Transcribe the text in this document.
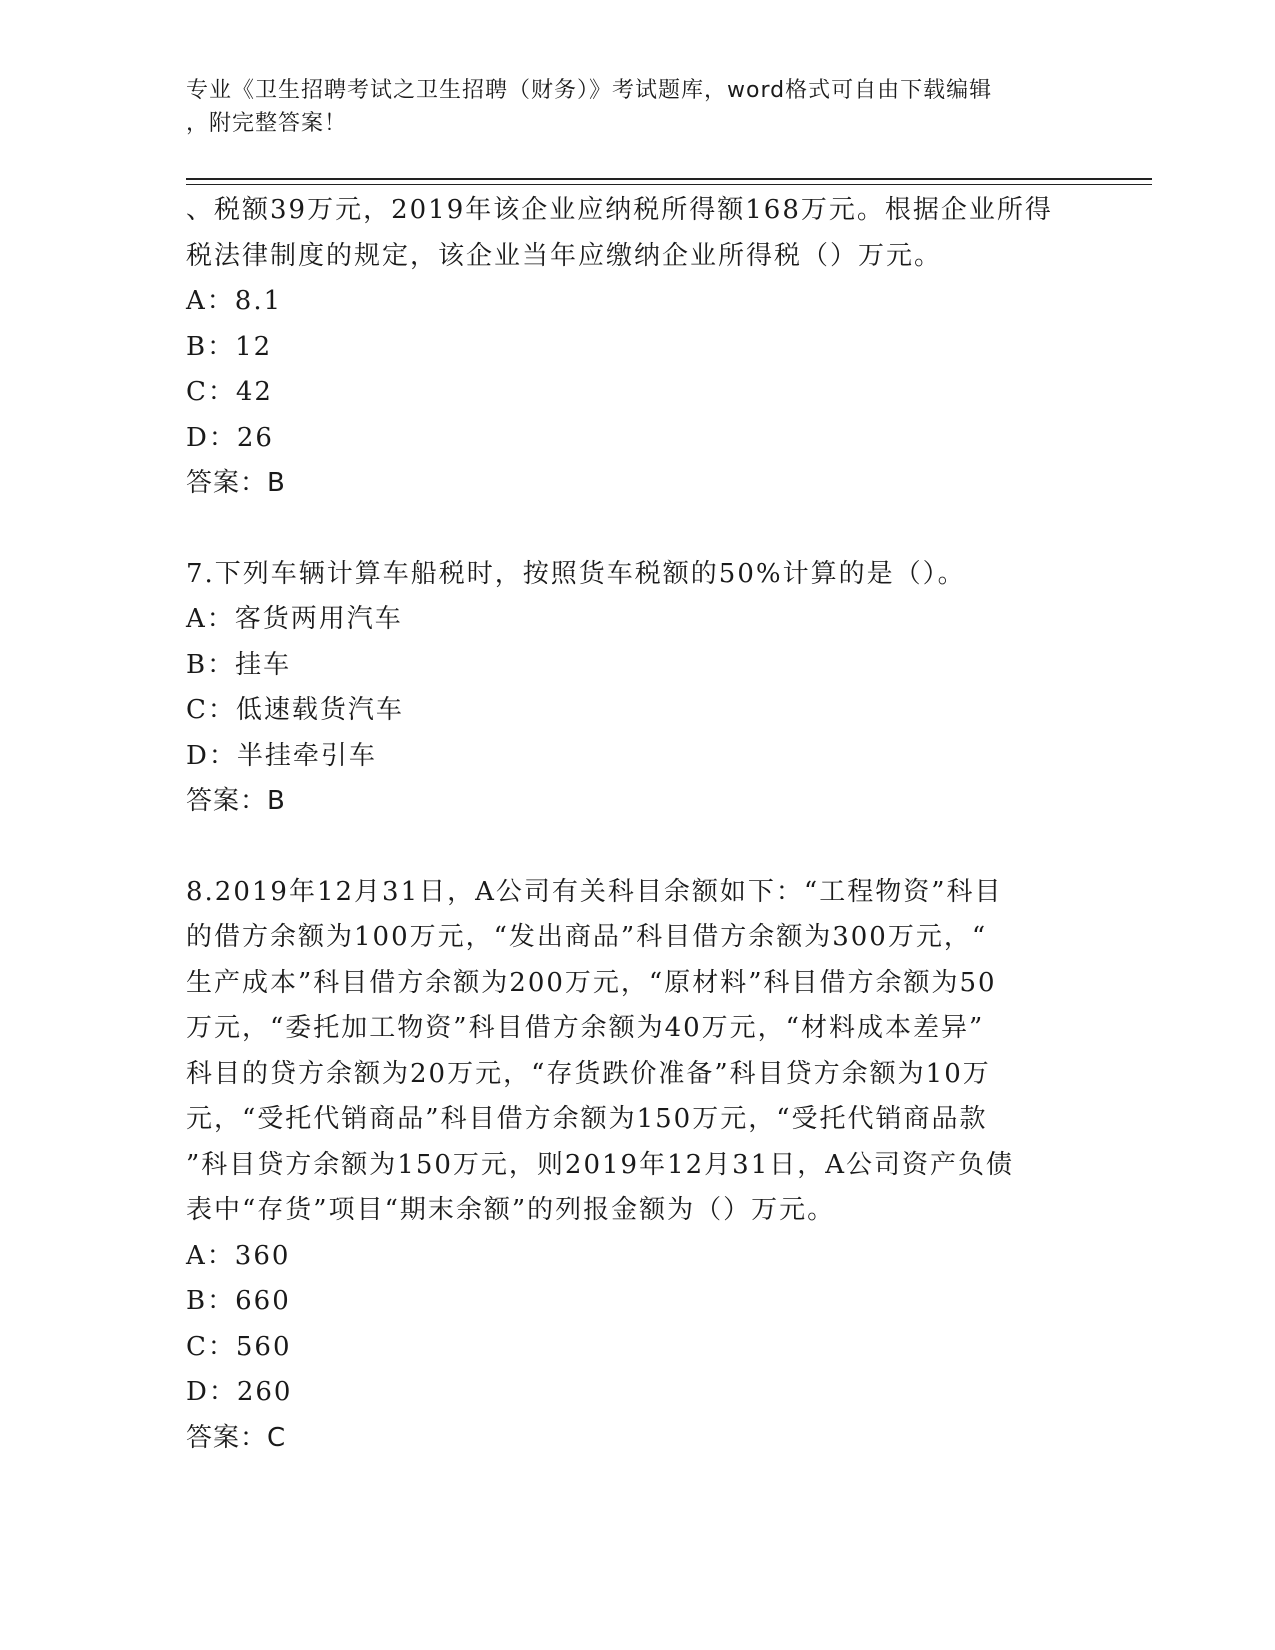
专业《卫生招聘考试之卫生招聘（财务）》考试题库，word格式可自由下载编辑
，附完整答案！
、税额39万元，2019年该企业应纳税所得额168万元。根据企业所得
税法律制度的规定，该企业当年应缴纳企业所得税（）万元。
A：8.1
B：12
C：42
D：26
答案：B
7.下列车辆计算车船税时，按照货车税额的50%计算的是（）。
A：客货两用汽车
B：挂车
C：低速载货汽车
D：半挂牵引车
答案：B
8.2019年12月31日，A公司有关科目余额如下：“工程物资”科目
的借方余额为100万元，“发出商品”科目借方余额为300万元，“
生产成本”科目借方余额为200万元，“原材料”科目借方余额为50
万元，“委托加工物资”科目借方余额为40万元，“材料成本差异”
科目的贷方余额为20万元，“存货跌价准备”科目贷方余额为10万
元，“受托代销商品”科目借方余额为150万元，“受托代销商品款
”科目贷方余额为150万元，则2019年12月31日，A公司资产负债
表中“存货”项目“期末余额”的列报金额为（）万元。
A：360
B：660
C：560
D：260
答案：C
